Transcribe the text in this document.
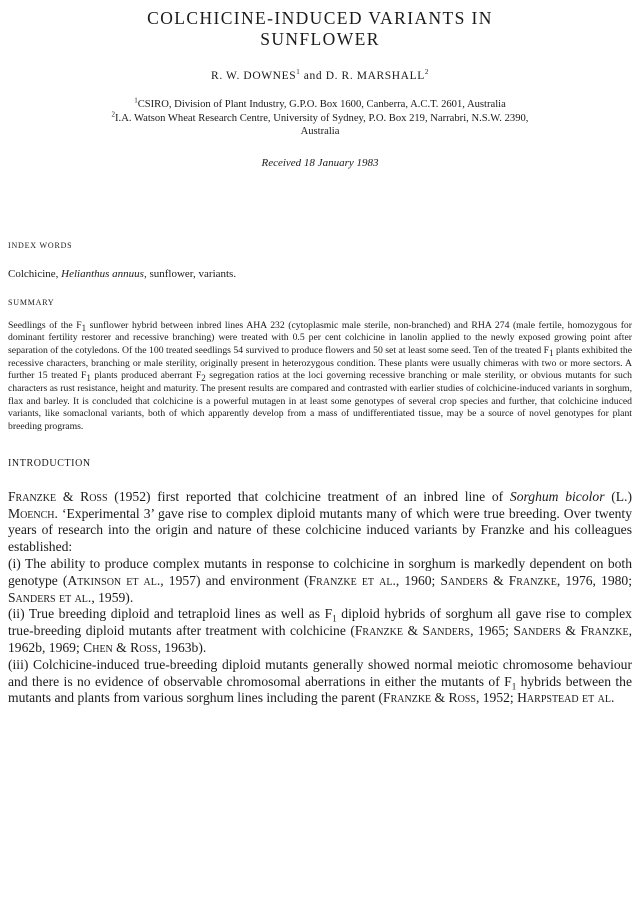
COLCHICINE-INDUCED VARIANTS IN
SUNFLOWER
R. W. DOWNES$^1$ and D. R. MARSHALL$^2$
$^1$CSIRO, Division of Plant Industry, G.P.O. Box 1600, Canberra, A.C.T. 2601, Australia
$^2$I.A. Watson Wheat Research Centre, University of Sydney, P.O. Box 219, Narrabri, N.S.W. 2390,
Australia
Received 18 January 1983
INDEX WORDS
Colchicine, Helianthus annuus, sunflower, variants.
SUMMARY
Seedlings of the F1 sunflower hybrid between inbred lines AHA 232 (cytoplasmic male sterile, non-branched) and RHA 274 (male fertile, homozygous for dominant fertility restorer and recessive branching) were treated with 0.5 per cent colchicine in lanolin applied to the newly exposed growing point after separation of the cotyledons. Of the 100 treated seedlings 54 survived to produce flowers and 50 set at least some seed. Ten of the treated F1 plants exhibited the recessive characters, branching or male sterility, originally present in heterozygous condition. These plants were usually chimeras with two or more sectors. A further 15 treated F1 plants produced aberrant F2 segregation ratios at the loci governing recessive branching or male sterility, or obvious mutants for such characters as rust resistance, height and maturity. The present results are compared and contrasted with earlier studies of colchicine-induced variants in sorghum, flax and barley. It is concluded that colchicine is a powerful mutagen in at least some genotypes of several crop species and further, that colchicine induced variants, like somaclonal variants, both of which apparently develop from a mass of undifferentiated tissue, may be a source of novel genotypes for plant breeding programs.
INTRODUCTION
Franzke & Ross (1952) first reported that colchicine treatment of an inbred line of Sorghum bicolor (L.) Moench. ‘Experimental 3’ gave rise to complex diploid mutants many of which were true breeding. Over twenty years of research into the origin and nature of these colchicine induced variants by Franzke and his colleagues established:
(i) The ability to produce complex mutants in response to colchicine in sorghum is markedly dependent on both genotype (Atkinson et al., 1957) and environment (Franzke et al., 1960; Sanders & Franzke, 1976, 1980; Sanders et al., 1959).
(ii) True breeding diploid and tetraploid lines as well as $F_1$ diploid hybrids of sorghum all gave rise to complex true-breeding diploid mutants after treatment with colchicine (Franzke & Sanders, 1965; Sanders & Franzke, 1962b, 1969; Chen & Ross, 1963b).
(iii) Colchicine-induced true-breeding diploid mutants generally showed normal meiotic chromosome behaviour and there is no evidence of observable chromosomal aberrations in either the mutants of $F_1$ hybrids between the mutants and plants from various sorghum lines including the parent (Franzke & Ross, 1952; Harpstead et al.
